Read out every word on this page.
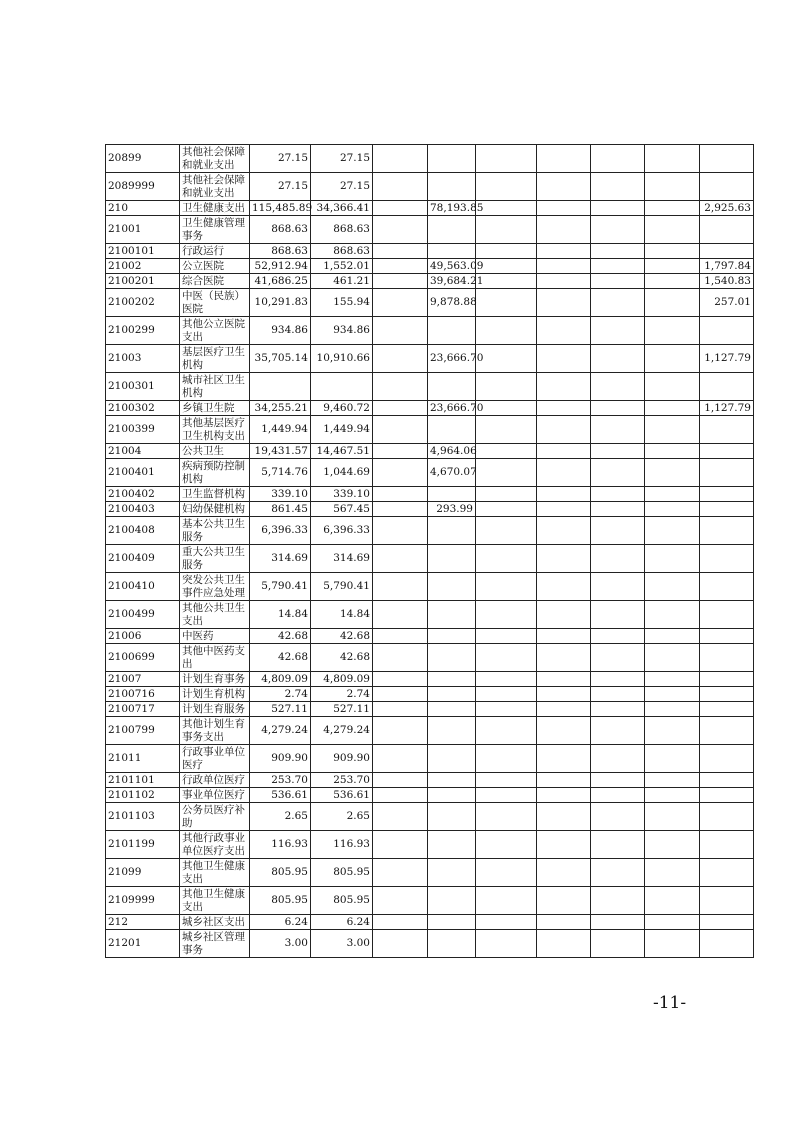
20899	其他社会保障和就业支出	27.15	27.15							
2089999	其他社会保障和就业支出	27.15	27.15							
210	卫生健康支出	115,485.89	34,366.41		78,193.85					2,925.63
21001	卫生健康管理事务	868.63	868.63							
2100101	行政运行	868.63	868.63							
21002	公立医院	52,912.94	1,552.01		49,563.09					1,797.84
2100201	综合医院	41,686.25	461.21		39,684.21					1,540.83
2100202	中医（民族）医院	10,291.83	155.94		9,878.88					257.01
2100299	其他公立医院支出	934.86	934.86							
21003	基层医疗卫生机构	35,705.14	10,910.66		23,666.70					1,127.79
2100301	城市社区卫生机构									
2100302	乡镇卫生院	34,255.21	9,460.72		23,666.70					1,127.79
2100399	其他基层医疗卫生机构支出	1,449.94	1,449.94							
21004	公共卫生	19,431.57	14,467.51		4,964.06					
2100401	疾病预防控制机构	5,714.76	1,044.69		4,670.07					
2100402	卫生监督机构	339.10	339.10							
2100403	妇幼保健机构	861.45	567.45		293.99					
2100408	基本公共卫生服务	6,396.33	6,396.33							
2100409	重大公共卫生服务	314.69	314.69							
2100410	突发公共卫生事件应急处理	5,790.41	5,790.41							
2100499	其他公共卫生支出	14.84	14.84							
21006	中医药	42.68	42.68							
2100699	其他中医药支出	42.68	42.68							
21007	计划生育事务	4,809.09	4,809.09							
2100716	计划生育机构	2.74	2.74							
2100717	计划生育服务	527.11	527.11							
2100799	其他计划生育事务支出	4,279.24	4,279.24							
21011	行政事业单位医疗	909.90	909.90							
2101101	行政单位医疗	253.70	253.70							
2101102	事业单位医疗	536.61	536.61							
2101103	公务员医疗补助	2.65	2.65							
2101199	其他行政事业单位医疗支出	116.93	116.93							
21099	其他卫生健康支出	805.95	805.95							
2109999	其他卫生健康支出	805.95	805.95							
212	城乡社区支出	6.24	6.24							
21201	城乡社区管理事务	3.00	3.00							
-11-
